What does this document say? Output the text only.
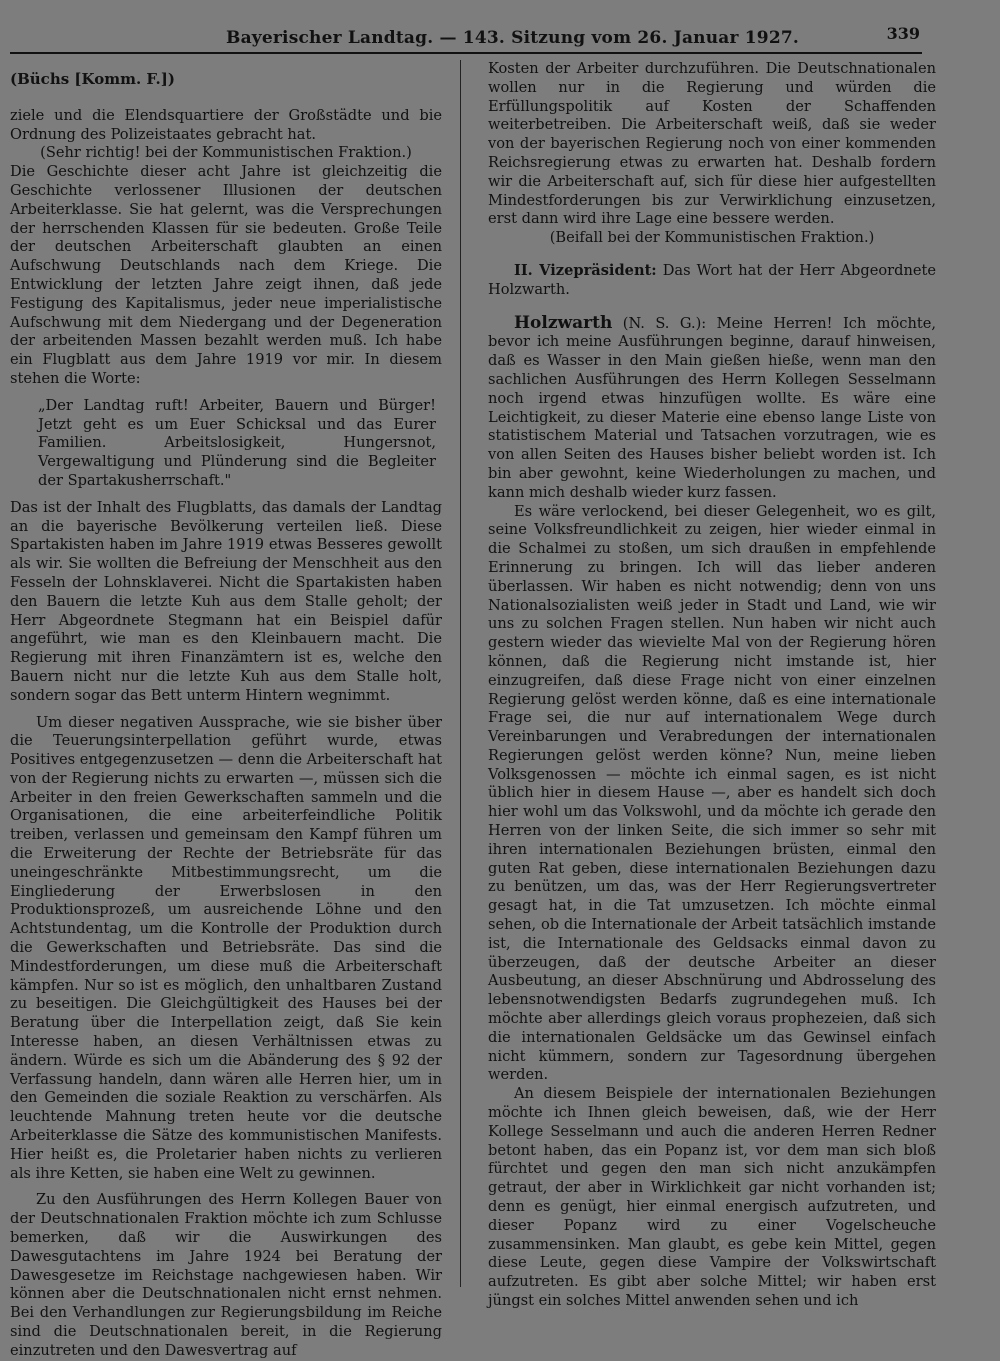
Bayerischer Landtag. — 143. Sitzung vom 26. Januar 1927.	339
(Büchs [Komm. F.])

ziele und die Elendsquartiere der Großstädte und bie Ordnung des Polizeistaates gebracht hat.

(Sehr richtig! bei der Kommunistischen Fraktion.)

Die Geschichte dieser acht Jahre ist gleichzeitig die Geschichte verlossener Illusionen der deutschen Arbeiterklasse. Sie hat gelernt, was die Versprechungen der herrschenden Klassen für sie bedeuten. Große Teile der deutschen Arbeiterschaft glaubten an einen Aufschwung Deutschlands nach dem Kriege. Die Entwicklung der letzten Jahre zeigt ihnen, daß jede Festigung des Kapitalismus, jeder neue imperialistische Aufschwung mit dem Niedergang und der Degeneration der arbeitenden Massen bezahlt werden muß. Ich habe ein Flugblatt aus dem Jahre 1919 vor mir. In diesem stehen die Worte:

„Der Landtag ruft! Arbeiter, Bauern und Bürger! Jetzt geht es um Euer Schicksal und das Eurer Familien. Arbeitslosigkeit, Hungersnot, Vergewaltigung und Plünderung sind die Begleiter der Spartakusherrschaft."

Das ist der Inhalt des Flugblatts, das damals der Landtag an die bayerische Bevölkerung verteilen ließ. Diese Spartakisten haben im Jahre 1919 etwas Besseres gewollt als wir. Sie wollten die Befreiung der Menschheit aus den Fesseln der Lohnsklaverei. Nicht die Spartakisten haben den Bauern die letzte Kuh aus dem Stalle geholt; der Herr Abgeordnete Stegmann hat ein Beispiel dafür angeführt, wie man es den Kleinbauern macht. Die Regierung mit ihren Finanzämtern ist es, welche den Bauern nicht nur die letzte Kuh aus dem Stalle holt, sondern sogar das Bett unterm Hintern wegnimmt.

Um dieser negativen Aussprache, wie sie bisher über die Teuerungsinterpellation geführt wurde, etwas Positives entgegenzusetzen — denn die Arbeiterschaft hat von der Regierung nichts zu erwarten —, müssen sich die Arbeiter in den freien Gewerkschaften sammeln und die Organisationen, die eine arbeiterfeindliche Politik treiben, verlassen und gemeinsam den Kampf führen um die Erweiterung der Rechte der Betriebsräte für das uneingeschränkte Mitbestimmungsrecht, um die Eingliederung der Erwerbslosen in den Produktionsprozeß, um ausreichende Löhne und den Achtstundentag, um die Kontrolle der Produktion durch die Gewerkschaften und Betriebsräte. Das sind die Mindestforderungen, um diese muß die Arbeiterschaft kämpfen. Nur so ist es möglich, den unhaltbaren Zustand zu beseitigen. Die Gleichgültigkeit des Hauses bei der Beratung über die Interpellation zeigt, daß Sie kein Interesse haben, an diesen Verhältnissen etwas zu ändern. Würde es sich um die Abänderung des § 92 der Verfassung handeln, dann wären alle Herren hier, um in den Gemeinden die soziale Reaktion zu verschärfen. Als leuchtende Mahnung treten heute vor die deutsche Arbeiterklasse die Sätze des kommunistischen Manifests. Hier heißt es, die Proletarier haben nichts zu verlieren als ihre Ketten, sie haben eine Welt zu gewinnen.

Zu den Ausführungen des Herrn Kollegen Bauer von der Deutschnationalen Fraktion möchte ich zum Schlusse bemerken, daß wir die Auswirkungen des Dawesgutachtens im Jahre 1924 bei Beratung der Dawesgesetze im Reichstage nachgewiesen haben. Wir können aber die Deutschnationalen nicht ernst nehmen. Bei den Verhandlungen zur Regierungsbildung im Reiche sind die Deutschnationalen bereit, in die Regierung einzutreten und den Dawesvertrag auf

Kosten der Arbeiter durchzuführen. Die Deutschnationalen wollen nur in die Regierung und würden die Erfüllungspolitik auf Kosten der Schaffenden weiterbetreiben. Die Arbeiterschaft weiß, daß sie weder von der bayerischen Regierung noch von einer kommenden Reichsregierung etwas zu erwarten hat. Deshalb fordern wir die Arbeiterschaft auf, sich für diese hier aufgestellten Mindestforderungen bis zur Verwirklichung einzusetzen, erst dann wird ihre Lage eine bessere werden.

(Beifall bei der Kommunistischen Fraktion.)

II. Vizepräsident: Das Wort hat der Herr Abgeordnete Holzwarth.

Holzwarth (N. S. G.): Meine Herren! Ich möchte, bevor ich meine Ausführungen beginne, darauf hinweisen, daß es Wasser in den Main gießen hieße, wenn man den sachlichen Ausführungen des Herrn Kollegen Sesselmann noch irgend etwas hinzufügen wollte. Es wäre eine Leichtigkeit, zu dieser Materie eine ebenso lange Liste von statistischem Material und Tatsachen vorzutragen, wie es von allen Seiten des Hauses bisher beliebt worden ist. Ich bin aber gewohnt, keine Wiederholungen zu machen, und kann mich deshalb wieder kurz fassen.

Es wäre verlockend, bei dieser Gelegenheit, wo es gilt, seine Volksfreundlichkeit zu zeigen, hier wieder einmal in die Schalmei zu stoßen, um sich draußen in empfehlende Erinnerung zu bringen. Ich will das lieber anderen überlassen. Wir haben es nicht notwendig; denn von uns Nationalsozialisten weiß jeder in Stadt und Land, wie wir uns zu solchen Fragen stellen. Nun haben wir nicht auch gestern wieder das wievielte Mal von der Regierung hören können, daß die Regierung nicht imstande ist, hier einzugreifen, daß diese Frage nicht von einer einzelnen Regierung gelöst werden könne, daß es eine internationale Frage sei, die nur auf internationalem Wege durch Vereinbarungen und Verabredungen der internationalen Regierungen gelöst werden könne? Nun, meine lieben Volksgenossen — möchte ich einmal sagen, es ist nicht üblich hier in diesem Hause —, aber es handelt sich doch hier wohl um das Volkswohl, und da möchte ich gerade den Herren von der linken Seite, die sich immer so sehr mit ihren internationalen Beziehungen brüsten, einmal den guten Rat geben, diese internationalen Beziehungen dazu zu benützen, um das, was der Herr Regierungsvertreter gesagt hat, in die Tat umzusetzen. Ich möchte einmal sehen, ob die Internationale der Arbeit tatsächlich imstande ist, die Internationale des Geldsacks einmal davon zu überzeugen, daß der deutsche Arbeiter an dieser Ausbeutung, an dieser Abschnürung und Abdrosselung des lebensnotwendigsten Bedarfs zugrundegehen muß. Ich möchte aber allerdings gleich voraus prophezeien, daß sich die internationalen Geldsäcke um das Gewinsel einfach nicht kümmern, sondern zur Tagesordnung übergehen werden.

An diesem Beispiele der internationalen Beziehungen möchte ich Ihnen gleich beweisen, daß, wie der Herr Kollege Sesselmann und auch die anderen Herren Redner betont haben, das ein Popanz ist, vor dem man sich bloß fürchtet und gegen den man sich nicht anzukämpfen getraut, der aber in Wirklichkeit gar nicht vorhanden ist; denn es genügt, hier einmal energisch aufzutreten, und dieser Popanz wird zu einer Vogelscheuche zusammensinken. Man glaubt, es gebe kein Mittel, gegen diese Leute, gegen diese Vampire der Volkswirtschaft aufzutreten. Es gibt aber solche Mittel; wir haben erst jüngst ein solches Mittel anwenden sehen und ich
